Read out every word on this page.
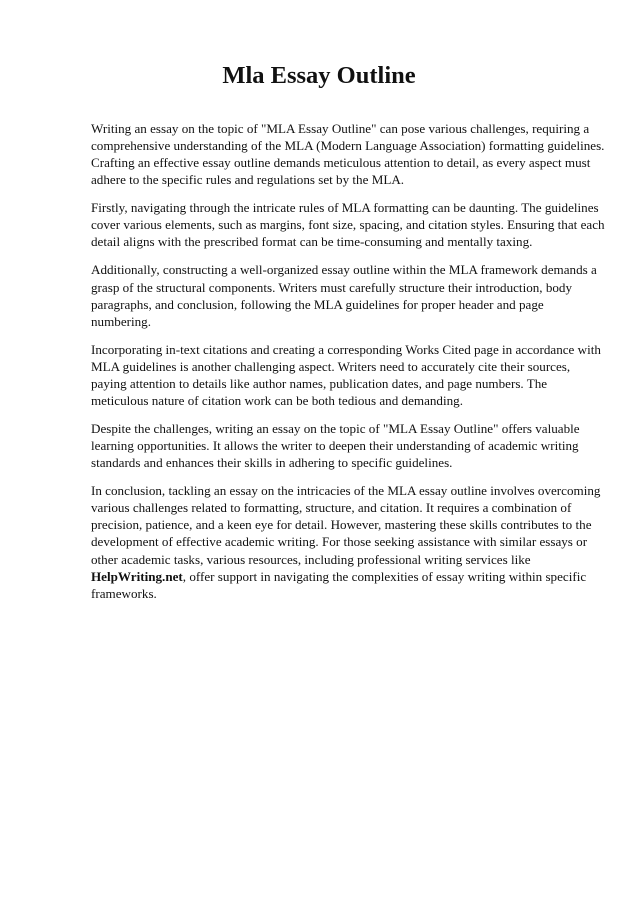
Mla Essay Outline

Writing an essay on the topic of "MLA Essay Outline" can pose various challenges, requiring a comprehensive understanding of the MLA (Modern Language Association) formatting guidelines. Crafting an effective essay outline demands meticulous attention to detail, as every aspect must adhere to the specific rules and regulations set by the MLA.

Firstly, navigating through the intricate rules of MLA formatting can be daunting. The guidelines cover various elements, such as margins, font size, spacing, and citation styles. Ensuring that each detail aligns with the prescribed format can be time-consuming and mentally taxing.

Additionally, constructing a well-organized essay outline within the MLA framework demands a grasp of the structural components. Writers must carefully structure their introduction, body paragraphs, and conclusion, following the MLA guidelines for proper header and page numbering.

Incorporating in-text citations and creating a corresponding Works Cited page in accordance with MLA guidelines is another challenging aspect. Writers need to accurately cite their sources, paying attention to details like author names, publication dates, and page numbers. The meticulous nature of citation work can be both tedious and demanding.

Despite the challenges, writing an essay on the topic of "MLA Essay Outline" offers valuable learning opportunities. It allows the writer to deepen their understanding of academic writing standards and enhances their skills in adhering to specific guidelines.

In conclusion, tackling an essay on the intricacies of the MLA essay outline involves overcoming various challenges related to formatting, structure, and citation. It requires a combination of precision, patience, and a keen eye for detail. However, mastering these skills contributes to the development of effective academic writing. For those seeking assistance with similar essays or other academic tasks, various resources, including professional writing services like HelpWriting.net, offer support in navigating the complexities of essay writing within specific frameworks.
